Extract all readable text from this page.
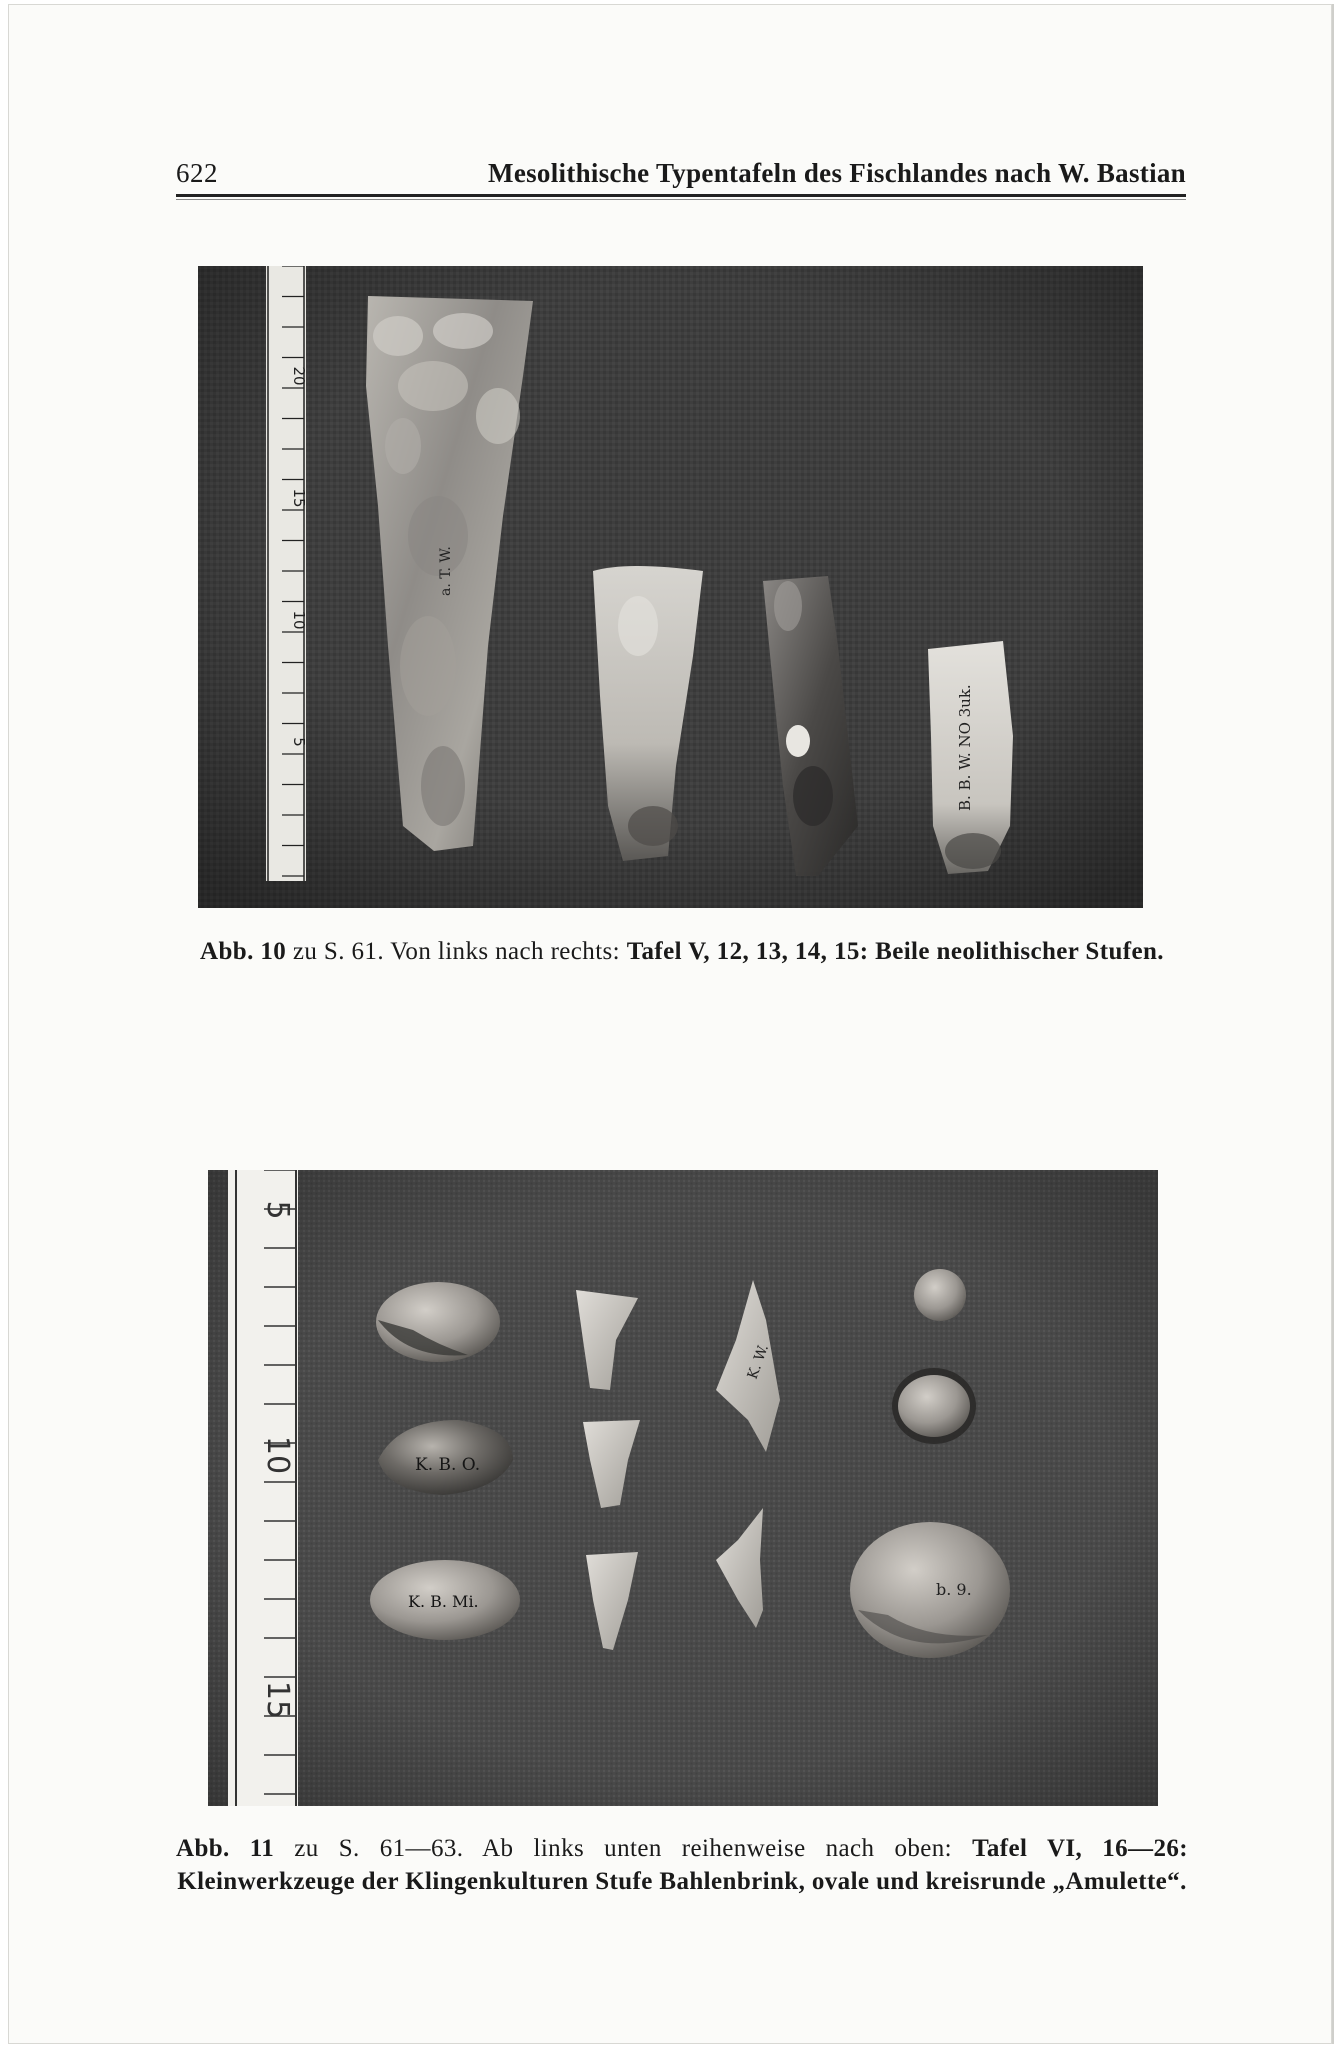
622	Mesolithische Typentafeln des Fischlandes nach W. Bastian
20
15
10
5
a. T. W.
B. B. W. NO 3uk.
Abb. 10 zu S. 61. Von links nach rechts: Tafel V, 12, 13, 14, 15: Beile neolithischer Stufen.
5
10
15
K. B. O.
K. B. Mi.
K. W.
b. 9.
Abb. 11 zu S. 61—63. Ab links unten reihenweise nach oben: Tafel VI, 16—26: Kleinwerkzeuge der Klingenkulturen Stufe Bahlenbrink, ovale und kreisrunde „Amulette“.
